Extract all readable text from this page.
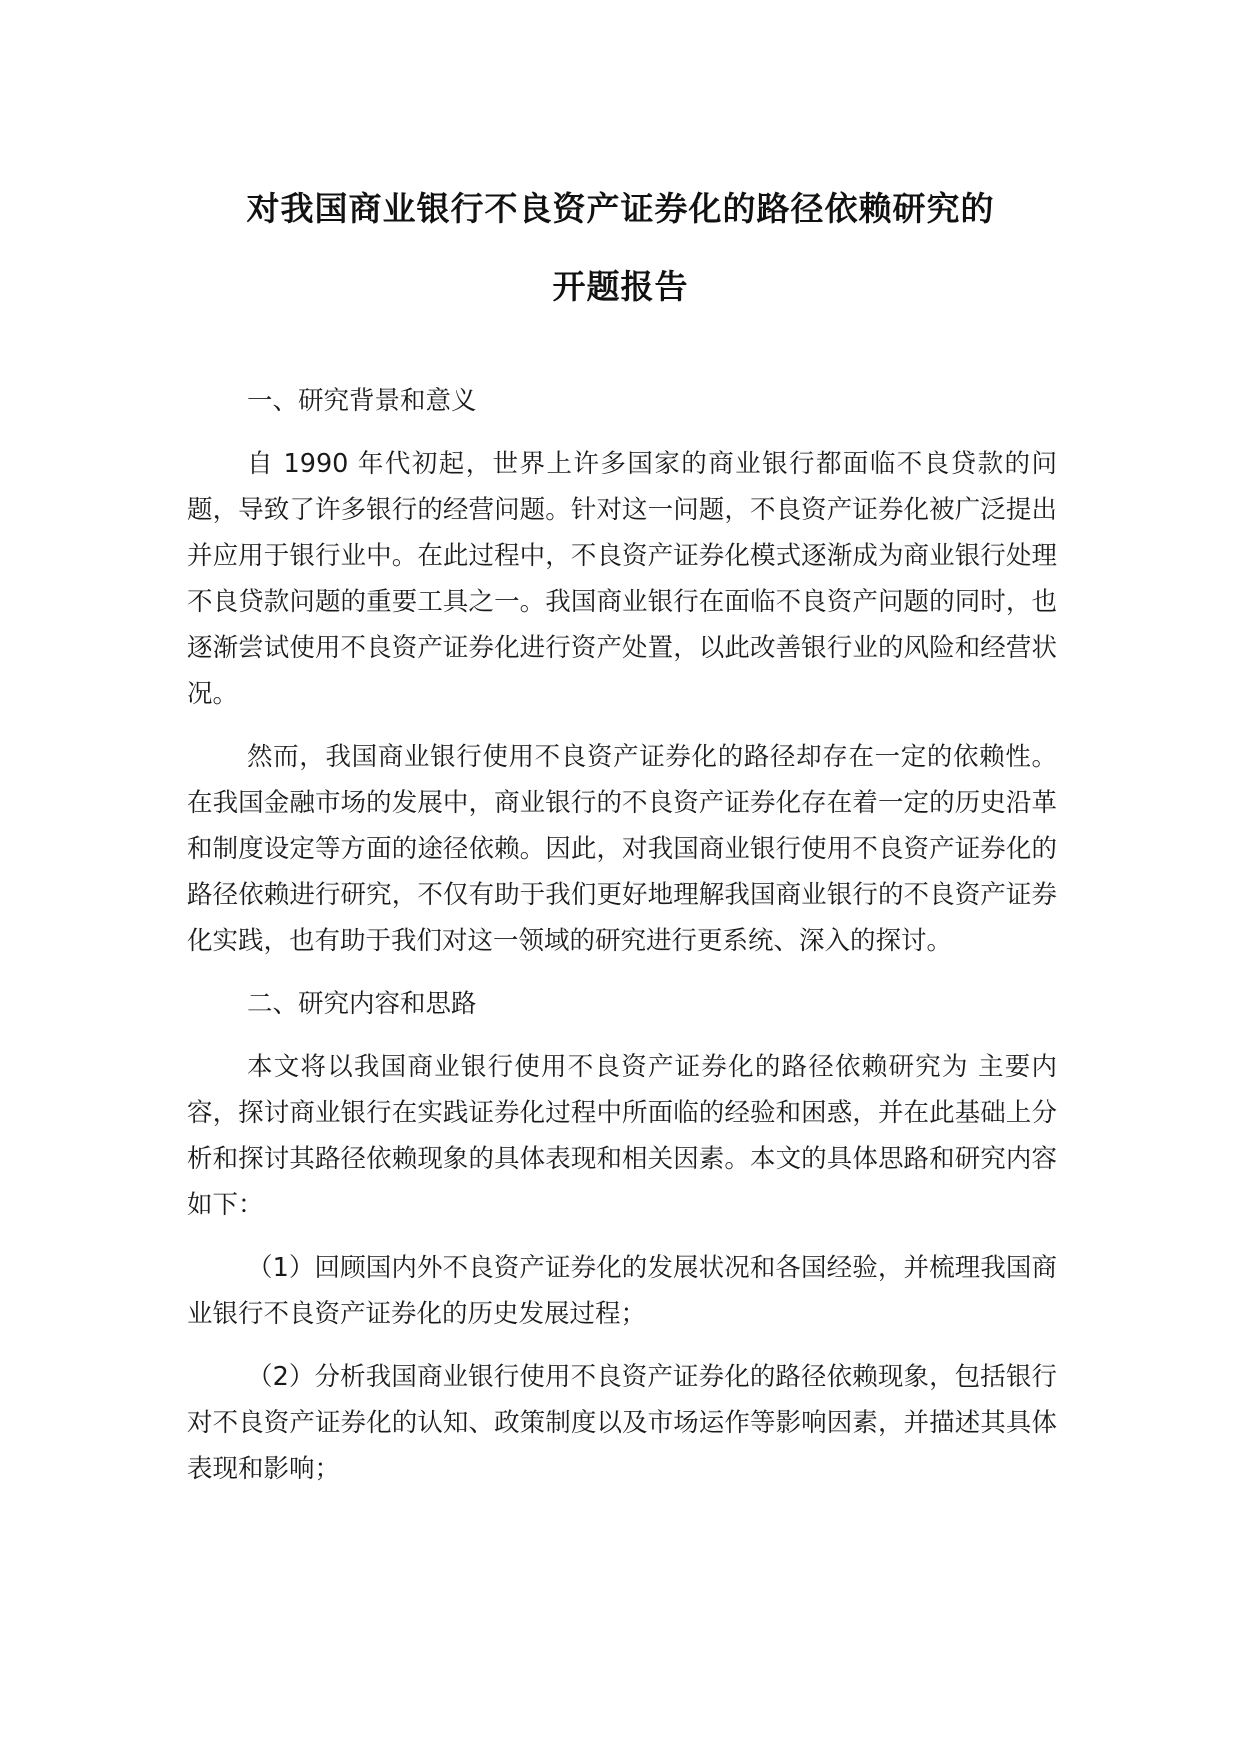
对我国商业银行不良资产证券化的路径依赖研究的
开题报告

一、研究背景和意义

自 1990 年代初起，世界上许多国家的商业银行都面临不良贷款的问题，导致了许多银行的经营问题。针对这一问题，不良资产证券化被广泛提出并应用于银行业中。在此过程中，不良资产证券化模式逐渐成为商业银行处理不良贷款问题的重要工具之一。我国商业银行在面临不良资产问题的同时，也逐渐尝试使用不良资产证券化进行资产处置，以此改善银行业的风险和经营状况。

然而，我国商业银行使用不良资产证券化的路径却存在一定的依赖性。在我国金融市场的发展中，商业银行的不良资产证券化存在着一定的历史沿革和制度设定等方面的途径依赖。因此，对我国商业银行使用不良资产证券化的路径依赖进行研究，不仅有助于我们更好地理解我国商业银行的不良资产证券化实践，也有助于我们对这一领域的研究进行更系统、深入的探讨。

二、研究内容和思路

本文将以我国商业银行使用不良资产证券化的路径依赖研究为 主要内容，探讨商业银行在实践证券化过程中所面临的经验和困惑，并在此基础上分析和探讨其路径依赖现象的具体表现和相关因素。本文的具体思路和研究内容如下：

（1）回顾国内外不良资产证券化的发展状况和各国经验，并梳理我国商业银行不良资产证券化的历史发展过程；

（2）分析我国商业银行使用不良资产证券化的路径依赖现象，包括银行对不良资产证券化的认知、政策制度以及市场运作等影响因素，并描述其具体表现和影响；
